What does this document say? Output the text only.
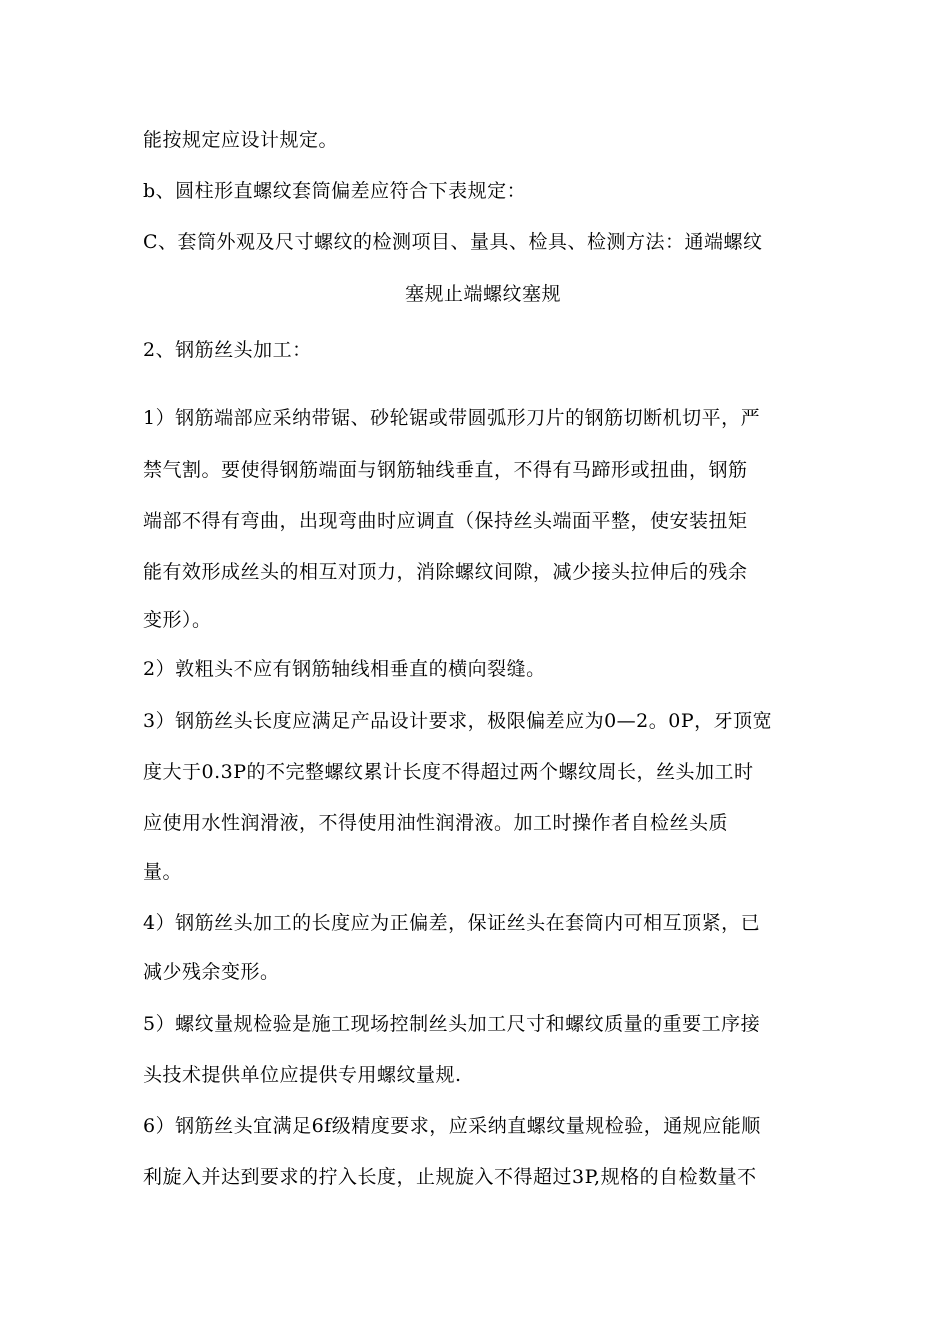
能按规定应设计规定。
b、圆柱形直螺纹套筒偏差应符合下表规定：
C、套筒外观及尺寸螺纹的检测项目、量具、检具、检测方法：通端螺纹
塞规止端螺纹塞规
2、钢筋丝头加工：
1）钢筋端部应采纳带锯、砂轮锯或带圆弧形刀片的钢筋切断机切平，严
禁气割。要使得钢筋端面与钢筋轴线垂直，不得有马蹄形或扭曲，钢筋
端部不得有弯曲，出现弯曲时应调直（保持丝头端面平整，使安装扭矩
能有效形成丝头的相互对顶力，消除螺纹间隙，减少接头拉伸后的残余
变形）。
2）敦粗头不应有钢筋轴线相垂直的横向裂缝。
3）钢筋丝头长度应满足产品设计要求，极限偏差应为0—2。0P，牙顶宽
度大于0.3P的不完整螺纹累计长度不得超过两个螺纹周长，丝头加工时
应使用水性润滑液，不得使用油性润滑液。加工时操作者自检丝头质
量。
4）钢筋丝头加工的长度应为正偏差，保证丝头在套筒内可相互顶紧，已
减少残余变形。
5）螺纹量规检验是施工现场控制丝头加工尺寸和螺纹质量的重要工序接
头技术提供单位应提供专用螺纹量规.
6）钢筋丝头宜满足6f级精度要求，应采纳直螺纹量规检验，通规应能顺
利旋入并达到要求的拧入长度，止规旋入不得超过3P,规格的自检数量不
